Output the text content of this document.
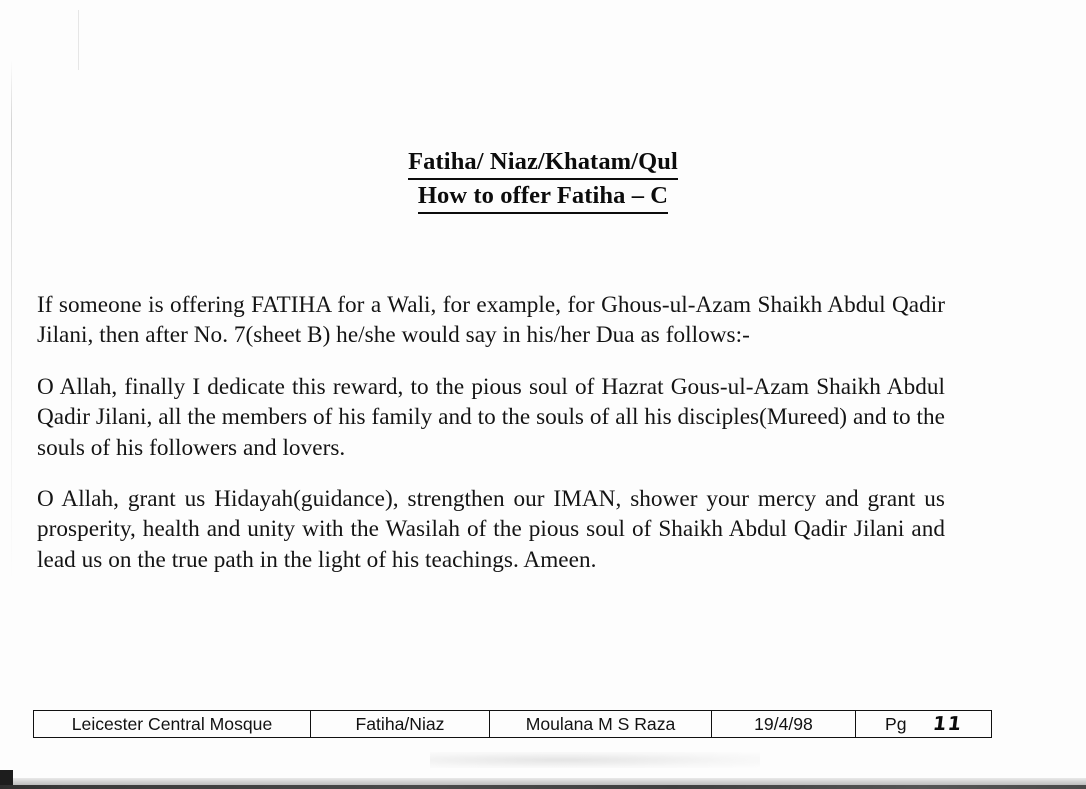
Fatiha/ Niaz/Khatam/Qul
How to offer Fatiha – C

If someone is offering FATIHA for a Wali, for example, for Ghous-ul-Azam Shaikh Abdul Qadir Jilani, then after No. 7(sheet B) he/she would say in his/her Dua as follows:-

O Allah, finally I dedicate this reward, to the pious soul of Hazrat Gous-ul-Azam Shaikh Abdul Qadir Jilani, all the members of his family and to the souls of all his disciples(Mureed) and to the souls of his followers and lovers.

O Allah, grant us Hidayah(guidance), strengthen our IMAN, shower your mercy and grant us prosperity, health and unity with the Wasilah of the pious soul of Shaikh Abdul Qadir Jilani and lead us on the true path in the light of his teachings. Ameen.

Leicester Central Mosque	Fatiha/Niaz	Moulana M S Raza	19/4/98	Pg 11
